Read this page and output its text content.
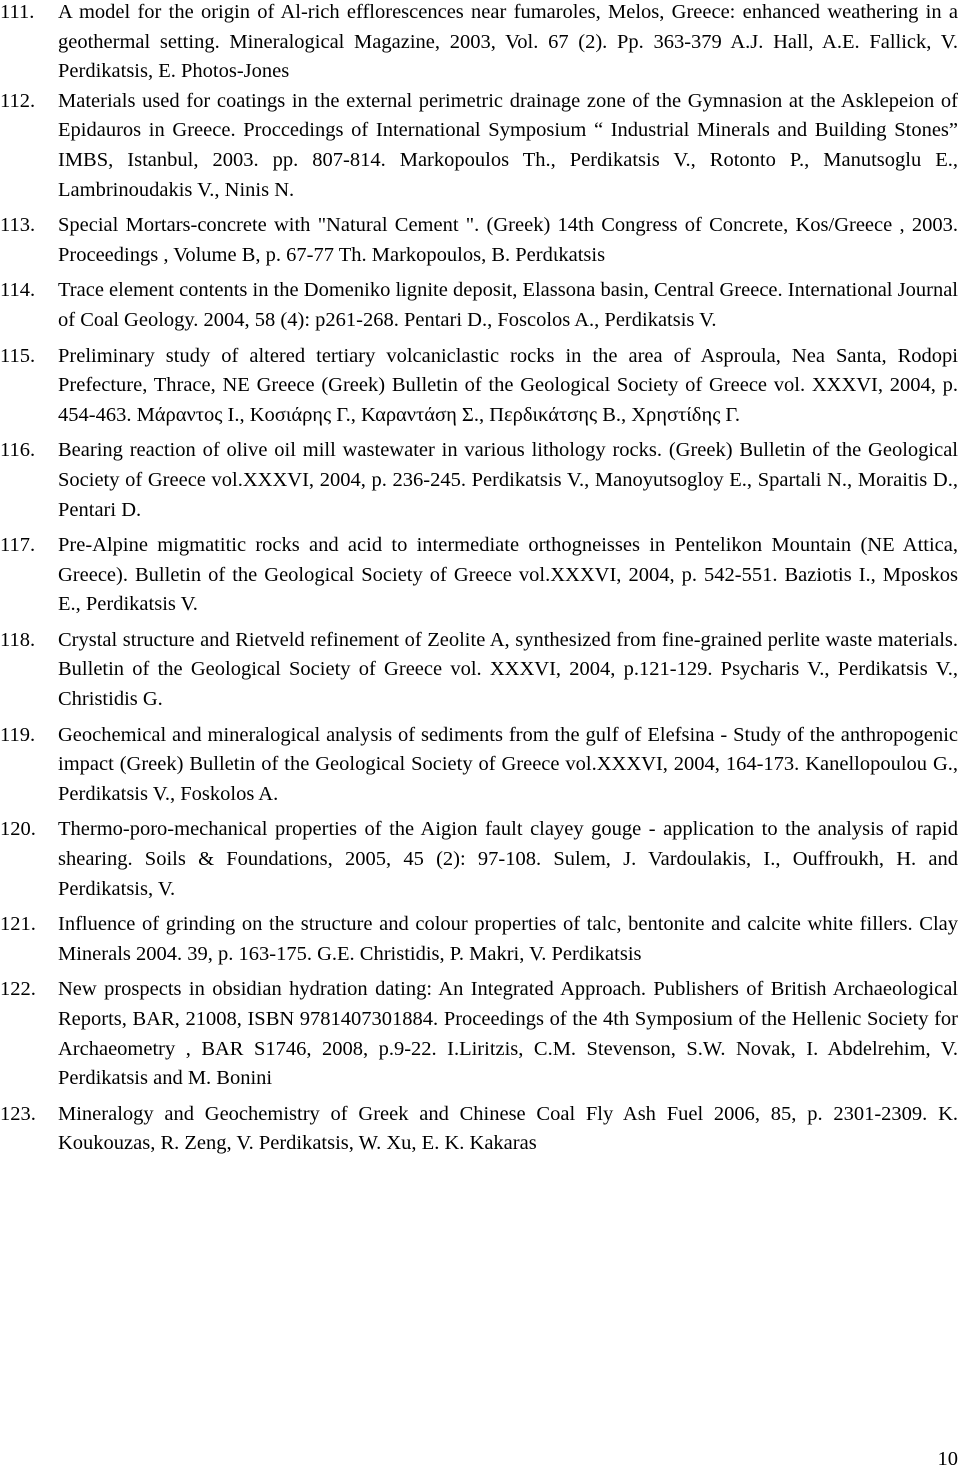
111.	A model for the origin of Al-rich efflorescences near fumaroles, Melos, Greece: enhanced weathering in a geothermal setting. Mineralogical Magazine, 2003, Vol. 67 (2). Pp. 363-379 A.J. Hall, A.E. Fallick, V. Perdikatsis, E. Photos-Jones
112.	Materials used for coatings in the external perimetric drainage zone of the Gymnasion at the Asklepeion of Epidauros in Greece. Proccedings of International Symposium “ Industrial Minerals and Building Stones” IMBS, Istanbul, 2003. pp. 807-814. Markopoulos Th., Perdikatsis V., Rotonto P., Manutsoglu E., Lambrinoudakis V., Ninis N.
113.	Special Mortars-concrete with "Natural Cement ". (Greek) 14th Congress of Concrete, Kos/Greece , 2003. Proceedings , Volume B, p. 67-77 Th. Markopoulos, B. Perdιkatsis
114.	Trace element contents in the Domeniko lignite deposit, Elassona basin, Central Greece. International Journal of Coal Geology. 2004, 58 (4): p261-268. Pentari D., Foscolos A., Perdikatsis V.
115.	Preliminary study of altered tertiary volcaniclastic rocks in the area of Asproula, Nea Santa, Rodopi Prefecture, Thrace, NE Greece (Greek) Bulletin of the Geological Society of Greece vol. XXXVI, 2004, p. 454-463. Μάραντος Ι., Κοσιάρης Γ., Καραντάση Σ., Περδικάτσης Β., Χρηστίδης Γ.
116.	Bearing reaction of olive oil mill wastewater in various lithology rocks. (Greek) Bulletin of the Geological Society of Greece vol.XXXVI, 2004, p. 236-245. Perdikatsis V., Manoyutsogloy E., Spartali N., Moraitis D., Pentari D.
117.	Pre-Alpine migmatitic rocks and acid to intermediate orthogneisses in Pentelikon Mountain (NE Attica, Greece). Bulletin of the Geological Society of Greece vol.XXXVI, 2004, p. 542-551. Baziotis I., Mposkos E., Perdikatsis V.
118.	Crystal structure and Rietveld refinement of Zeolite A, synthesized from fine-grained perlite waste materials. Bulletin of the Geological Society of Greece vol. XXXVI, 2004, p.121-129. Psycharis V., Perdikatsis V., Christidis G.
119.	Geochemical and mineralogical analysis of sediments from the gulf of Elefsina - Study of the anthropogenic impact (Greek) Bulletin of the Geological Society of Greece vol.XXXVI, 2004, 164-173. Kanellopoulou G., Perdikatsis V., Foskolos A.
120.	Thermo-poro-mechanical properties of the Aigion fault clayey gouge - application to the analysis of rapid shearing. Soils & Foundations, 2005, 45 (2): 97-108. Sulem, J. Vardoulakis, I., Ouffroukh, H. and Perdikatsis, V.
121.	Influence of grinding on the structure and colour properties of talc, bentonite and calcite white fillers. Clay Minerals 2004. 39, p. 163-175. G.E. Christidis, P. Makri, V. Perdikatsis
122.	New prospects in obsidian hydration dating: An Integrated Approach. Publishers of British Archaeological Reports, BAR, 21008, ISBN 9781407301884. Proceedings of the 4th Symposium of the Hellenic Society for Archaeometry , BAR S1746, 2008, p.9-22. I.Liritzis, C.M. Stevenson, S.W. Novak, I. Abdelrehim, V. Perdikatsis and M. Bonini
123.	Mineralogy and Geochemistry of Greek and Chinese Coal Fly Ash Fuel 2006, 85, p. 2301-2309. K. Koukouzas, R. Zeng, V. Perdikatsis, W. Xu, E. K. Kakaras
10
